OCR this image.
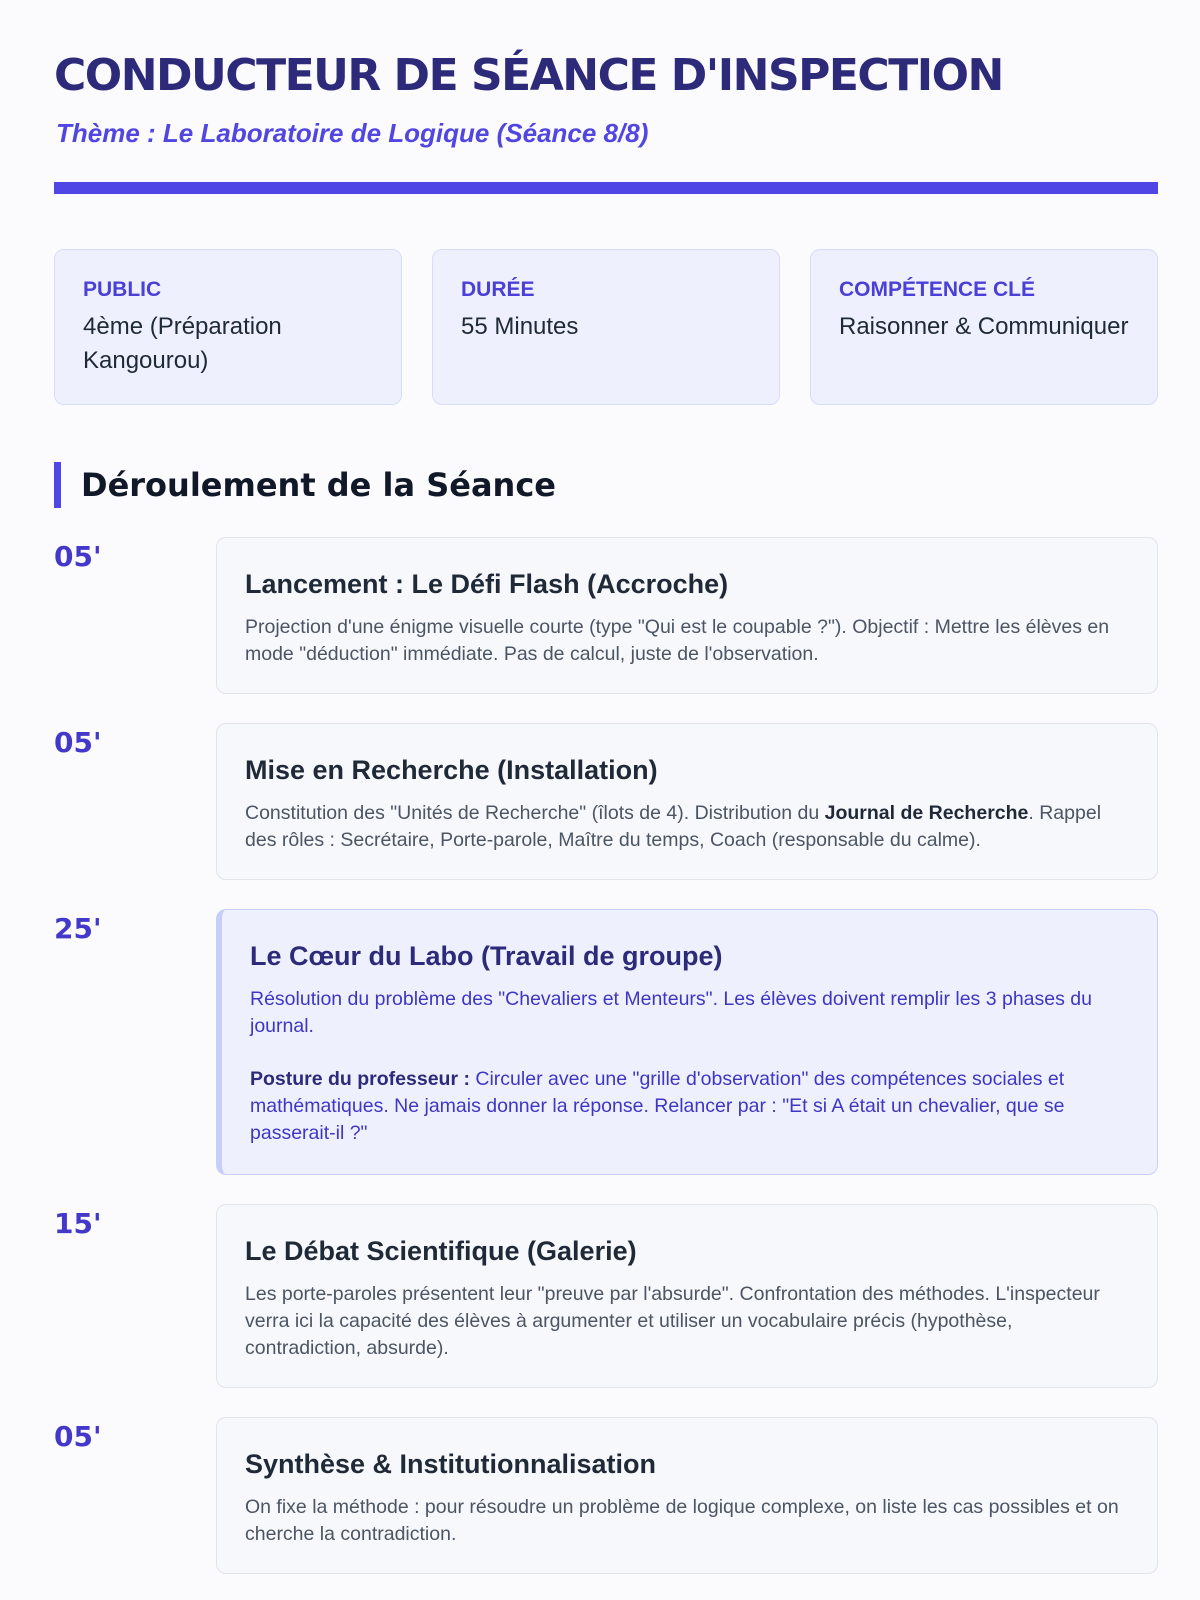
CONDUCTEUR DE SÉANCE D'INSPECTION
Thème : Le Laboratoire de Logique (Séance 8/8)
PUBLIC
4ème (Préparation Kangourou)
DURÉE
55 Minutes
COMPÉTENCE CLÉ
Raisonner & Communiquer
Déroulement de la Séance
05'
Lancement : Le Défi Flash (Accroche)
Projection d'une énigme visuelle courte (type "Qui est le coupable ?"). Objectif : Mettre les élèves en mode "déduction" immédiate. Pas de calcul, juste de l'observation.
05'
Mise en Recherche (Installation)
Constitution des "Unités de Recherche" (îlots de 4). Distribution du Journal de Recherche. Rappel des rôles : Secrétaire, Porte-parole, Maître du temps, Coach (responsable du calme).
25'
Le Cœur du Labo (Travail de groupe)
Résolution du problème des "Chevaliers et Menteurs". Les élèves doivent remplir les 3 phases du journal.
Posture du professeur : Circuler avec une "grille d'observation" des compétences sociales et mathématiques. Ne jamais donner la réponse. Relancer par : "Et si A était un chevalier, que se passerait-il ?"
15'
Le Débat Scientifique (Galerie)
Les porte-paroles présentent leur "preuve par l'absurde". Confrontation des méthodes. L'inspecteur verra ici la capacité des élèves à argumenter et utiliser un vocabulaire précis (hypothèse, contradiction, absurde).
05'
Synthèse & Institutionnalisation
On fixe la méthode : pour résoudre un problème de logique complexe, on liste les cas possibles et on cherche la contradiction.
